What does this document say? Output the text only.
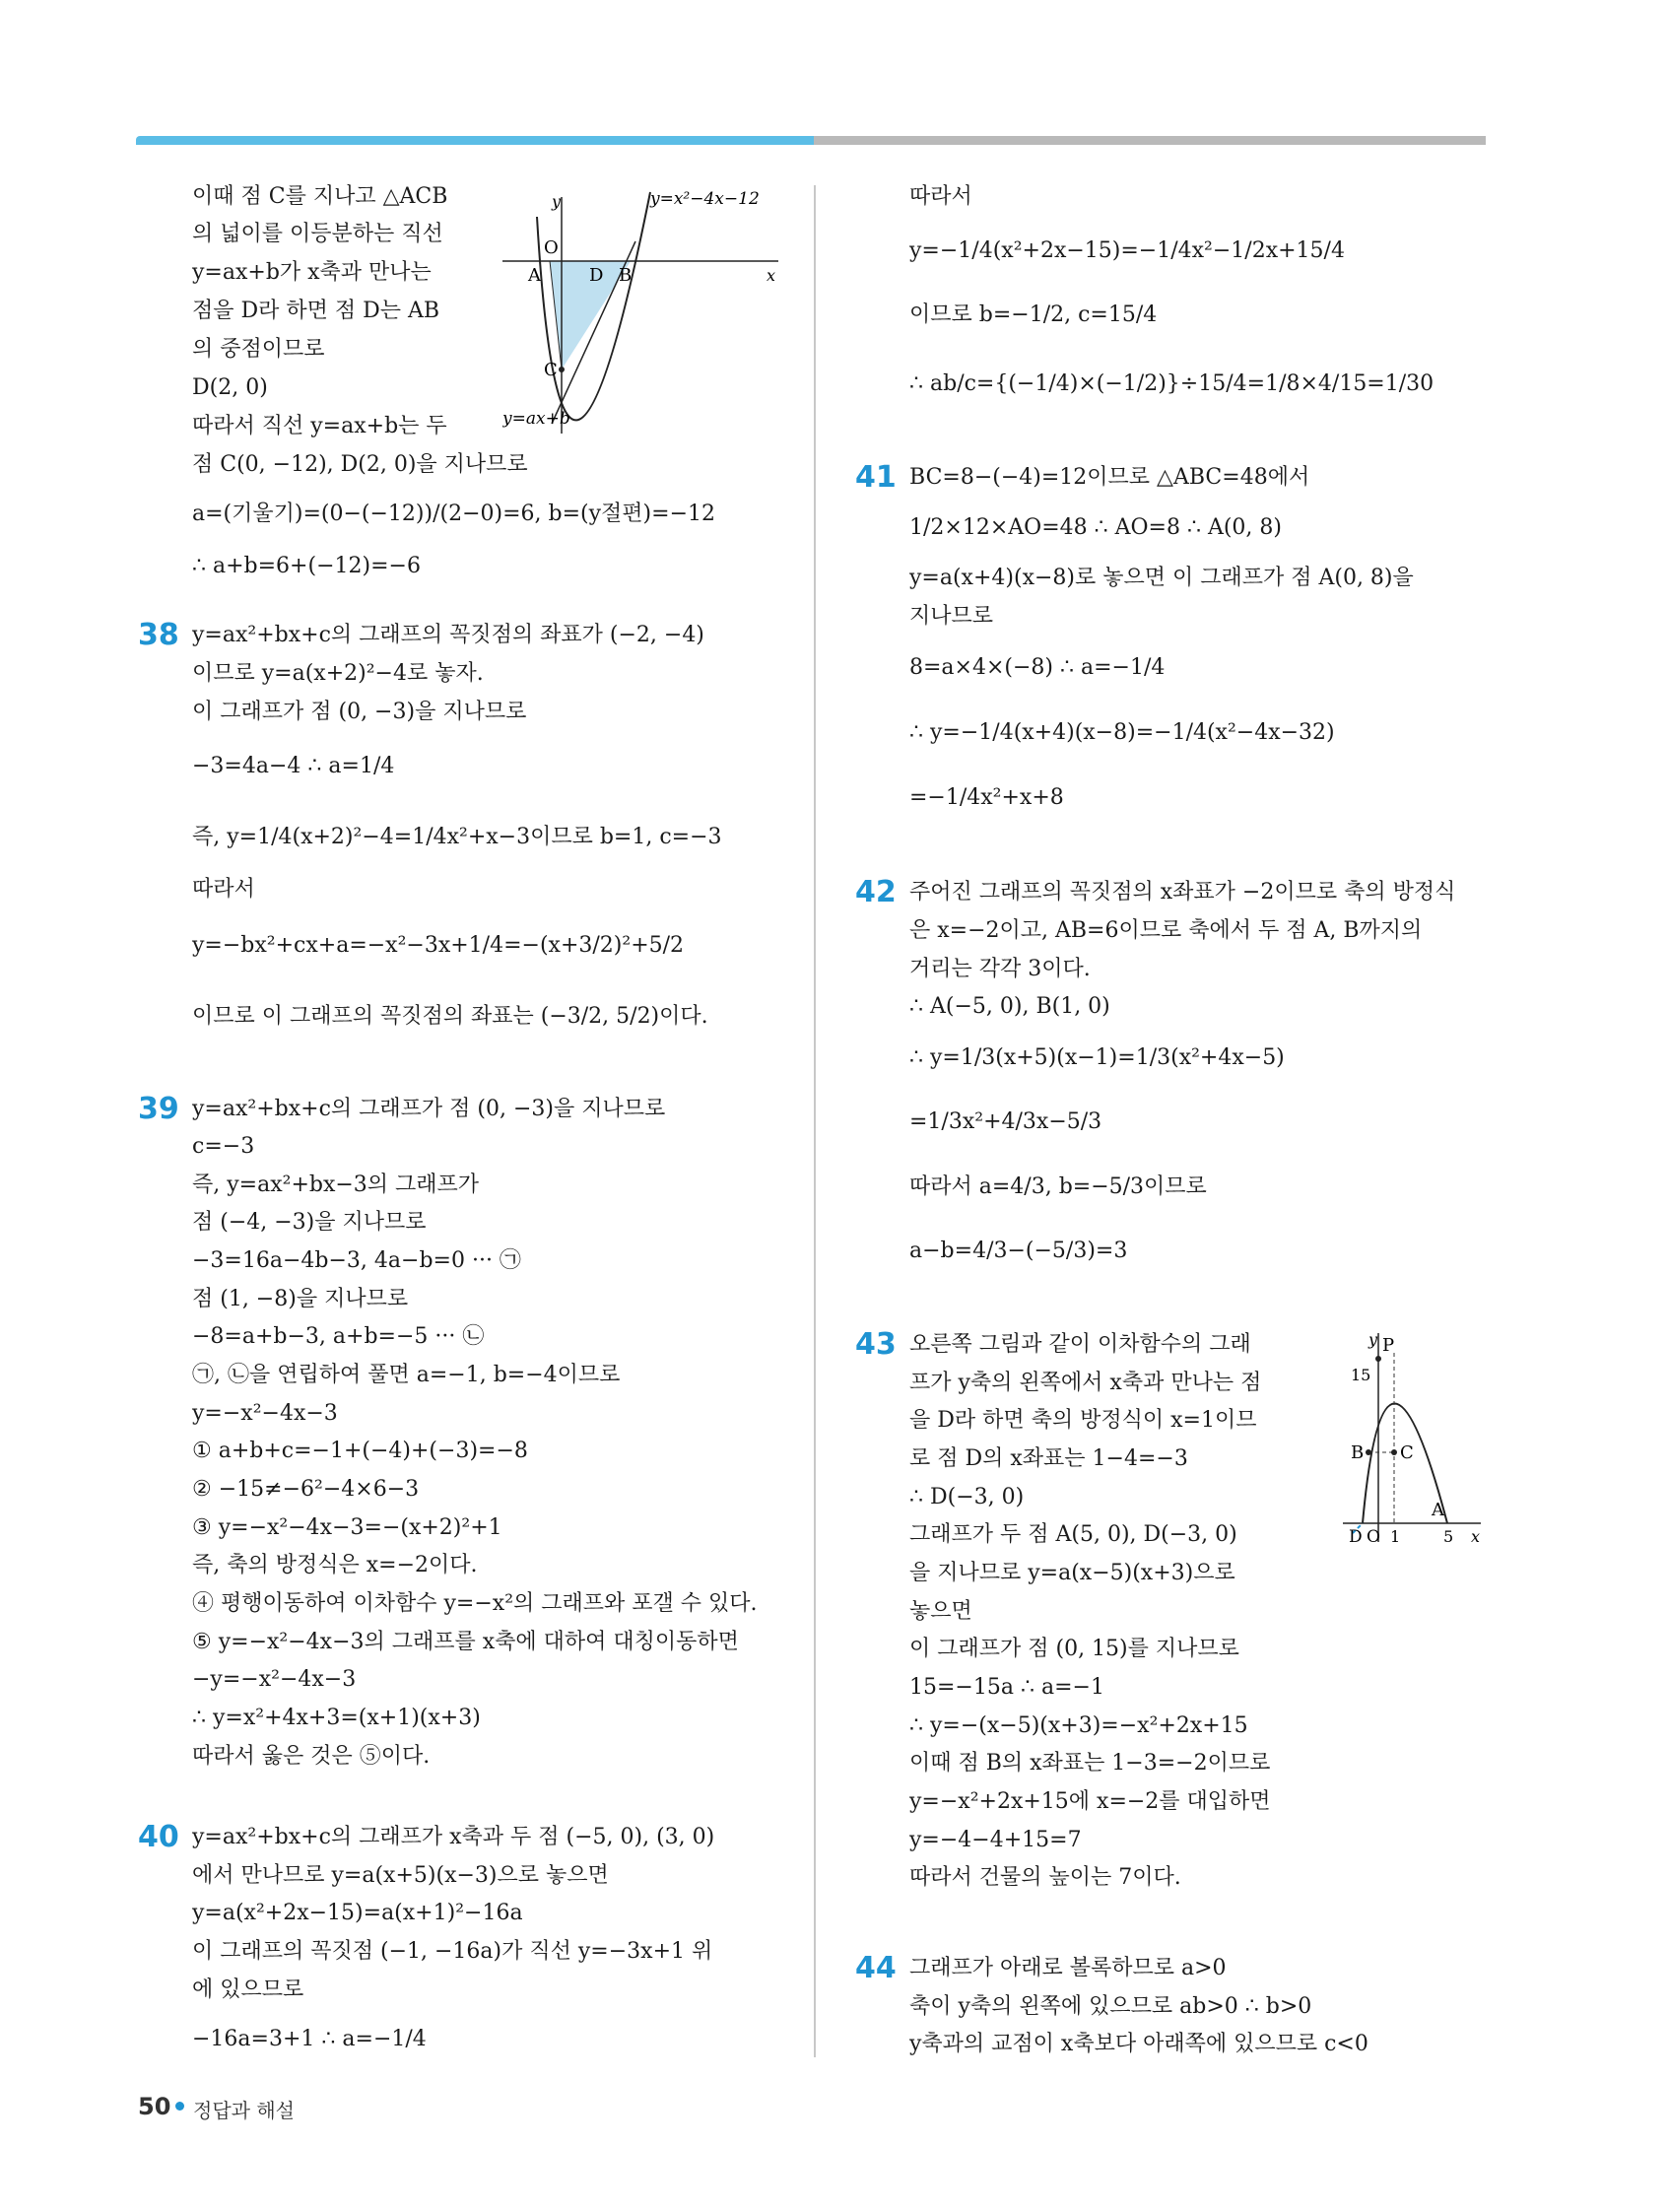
이때 점 C를 지나고 △ACB
의 넓이를 이등분하는 직선
y=ax+b가 x축과 만나는
점을 D라 하면 점 D는 AB
의 중점이므로
D(2, 0)
따라서 직선 y=ax+b는 두
점 C(0, −12), D(2, 0)을 지나므로
a=(기울기)=(0−(−12))/(2−0)=6, b=(y절편)=−12
∴ a+b=6+(−12)=−6
y=x²−4x−12
y
x
O
A	D B
C
y=ax+b
38 y=ax²+bx+c의 그래프의 꼭짓점의 좌표가 (−2, −4)
이므로 y=a(x+2)²−4로 놓자.
이 그래프가 점 (0, −3)을 지나므로
−3=4a−4 ∴ a=1/4
즉, y=1/4(x+2)²−4=1/4x²+x−3이므로 b=1, c=−3
따라서
y=−bx²+cx+a=−x²−3x+1/4=−(x+3/2)²+5/2
이므로 이 그래프의 꼭짓점의 좌표는 (−3/2, 5/2)이다.
39 y=ax²+bx+c의 그래프가 점 (0, −3)을 지나므로
c=−3
즉, y=ax²+bx−3의 그래프가
점 (−4, −3)을 지나므로
−3=16a−4b−3, 4a−b=0 ··· ㉠
점 (1, −8)을 지나므로
−8=a+b−3, a+b=−5 ··· ㉡
㉠, ㉡을 연립하여 풀면 a=−1, b=−4이므로
y=−x²−4x−3
① a+b+c=−1+(−4)+(−3)=−8
② −15≠−6²−4×6−3
③ y=−x²−4x−3=−(x+2)²+1
즉, 축의 방정식은 x=−2이다.
④ 평행이동하여 이차함수 y=−x²의 그래프와 포갤 수 있다.
⑤ y=−x²−4x−3의 그래프를 x축에 대하여 대칭이동하면
−y=−x²−4x−3
∴ y=x²+4x+3=(x+1)(x+3)
따라서 옳은 것은 ⑤이다.
40 y=ax²+bx+c의 그래프가 x축과 두 점 (−5, 0), (3, 0)
에서 만나므로 y=a(x+5)(x−3)으로 놓으면
y=a(x²+2x−15)=a(x+1)²−16a
이 그래프의 꼭짓점 (−1, −16a)가 직선 y=−3x+1 위
에 있으므로
−16a=3+1 ∴ a=−1/4
따라서
y=−1/4(x²+2x−15)=−1/4x²−1/2x+15/4
이므로 b=−1/2, c=15/4
∴ ab/c={(−1/4)×(−1/2)}÷15/4=1/8×4/15=1/30
41 BC=8−(−4)=12이므로 △ABC=48에서
1/2×12×AO=48 ∴ AO=8 ∴ A(0, 8)
y=a(x+4)(x−8)로 놓으면 이 그래프가 점 A(0, 8)을
지나므로
8=a×4×(−8) ∴ a=−1/4
∴ y=−1/4(x+4)(x−8)=−1/4(x²−4x−32)
=−1/4x²+x+8
42 주어진 그래프의 꼭짓점의 x좌표가 −2이므로 축의 방정식
은 x=−2이고, AB=6이므로 축에서 두 점 A, B까지의
거리는 각각 3이다.
∴ A(−5, 0), B(1, 0)
∴ y=1/3(x+5)(x−1)=1/3(x²+4x−5)
=1/3x²+4/3x−5/3
따라서 a=4/3, b=−5/3이므로
a−b=4/3−(−5/3)=3
43 오른쪽 그림과 같이 이차함수의 그래
프가 y축의 왼쪽에서 x축과 만나는 점
을 D라 하면 축의 방정식이 x=1이므
로 점 D의 x좌표는 1−4=−3
∴ D(−3, 0)
그래프가 두 점 A(5, 0), D(−3, 0)
을 지나므로 y=a(x−5)(x+3)으로
놓으면
이 그래프가 점 (0, 15)를 지나므로
15=−15a ∴ a=−1
∴ y=−(x−5)(x+3)=−x²+2x+15
이때 점 B의 x좌표는 1−3=−2이므로
y=−x²+2x+15에 x=−2를 대입하면
y=−4−4+15=7
따라서 건물의 높이는 7이다.
y P
15
B C
A
D O 1	5 x
44 그래프가 아래로 볼록하므로 a>0
축이 y축의 왼쪽에 있으므로 ab>0 ∴ b>0
y축과의 교점이 x축보다 아래쪽에 있으므로 c<0
50 정답과 해설
